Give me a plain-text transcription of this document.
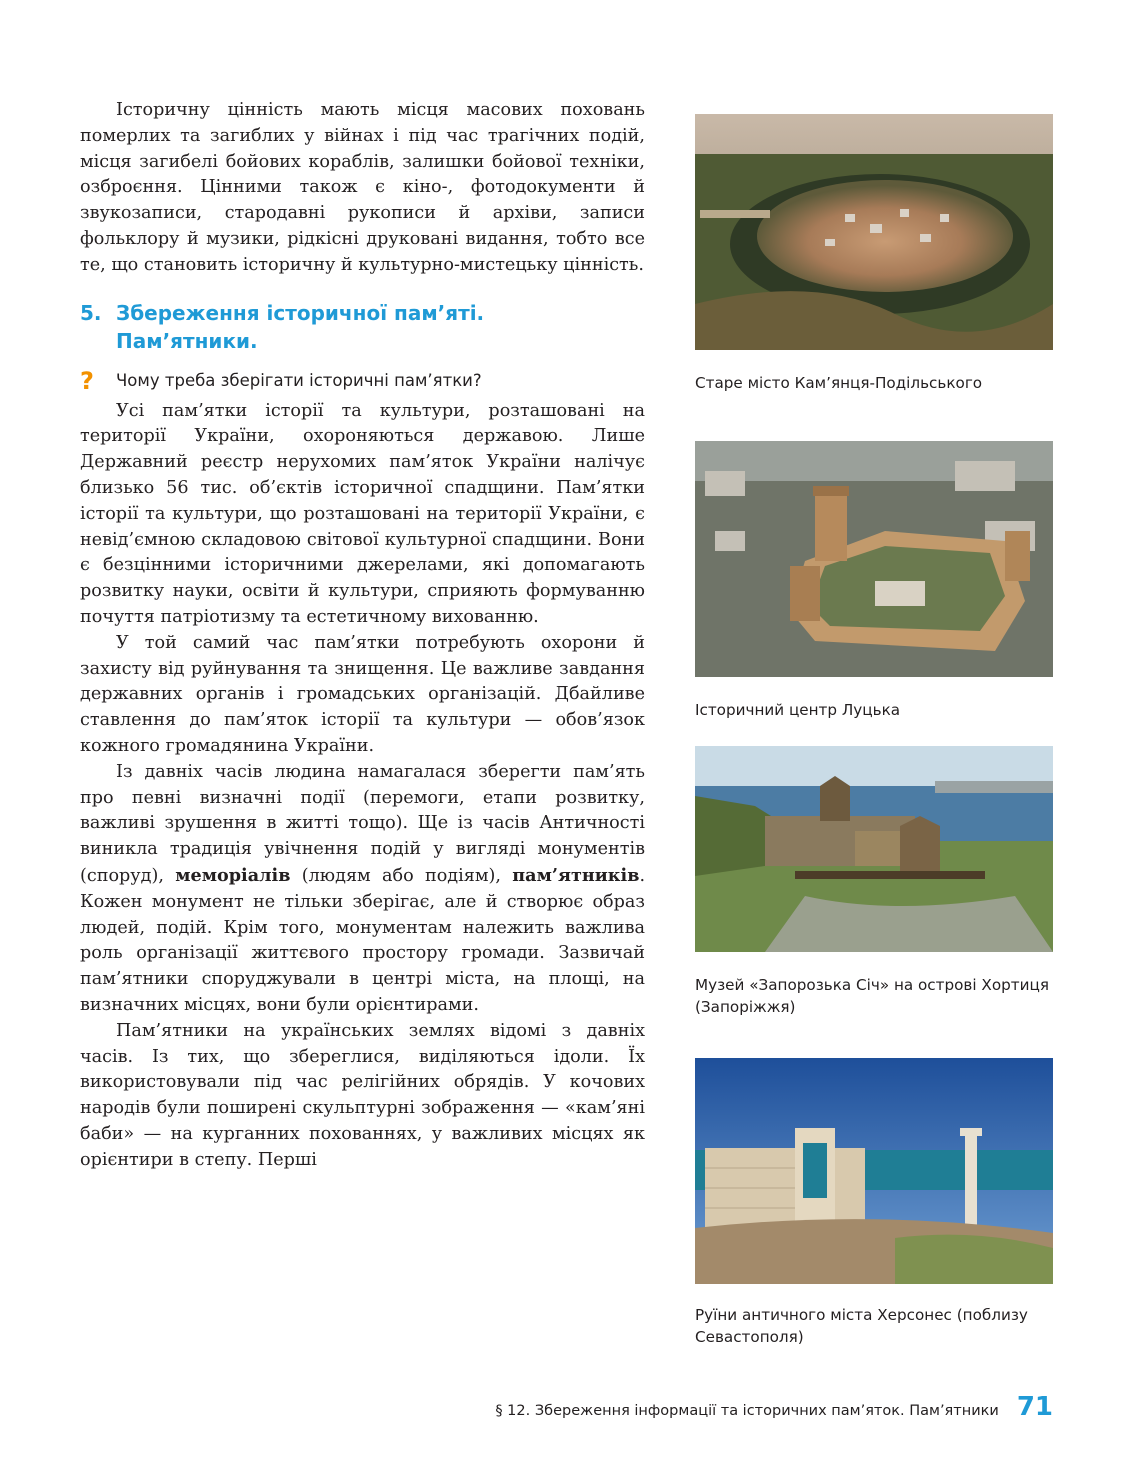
Історичну цінність мають місця масових поховань померлих та загиблих у війнах і під час трагічних подій, місця загибелі бойових кораблів, залишки бойової техніки, озброєння. Цінними також є кіно-, фотодокументи й звукозаписи, стародавні рукописи й архіви, записи фольклору й музики, рідкісні друковані видання, тобто все те, що становить історичну й культурно-мистецьку цінність.

5. Збереження історичної пам’яті.
Пам’ятники.
?	Чому треба зберігати історичні пам’ятки?

Усі пам’ятки історії та культури, розташовані на території України, охороняються державою. Лише Державний реєстр нерухомих пам’яток України налічує близько 56 тис. об’єктів історичної спадщини. Пам’ятки історії та культури, що розташовані на території України, є невід’ємною складовою світової культурної спадщини. Вони є безцінними історичними джерелами, які допомагають розвитку науки, освіти й культури, сприяють формуванню почуття патріотизму та естетичному вихованню.

У той самий час пам’ятки потребують охорони й захисту від руйнування та знищення. Це важливе завдання державних органів і громадських організацій. Дбайливе ставлення до пам’яток історії та культури — обов’язок кожного громадянина України.

Із давніх часів людина намагалася зберегти пам’ять про певні визначні події (перемоги, етапи розвитку, важливі зрушення в житті тощо). Ще із часів Античності виникла традиція увічнення подій у вигляді монументів (споруд), меморіалів (людям або подіям), пам’ятників. Кожен монумент не тільки зберігає, але й створює образ людей, подій. Крім того, монументам належить важлива роль організації життєвого простору громади. Зазвичай пам’ятники споруджували в центрі міста, на площі, на визначних місцях, вони були орієнтирами.

Пам’ятники на українських землях відомі з давніх часів. Із тих, що збереглися, виділяються ідоли. Їх використовували під час релігійних обрядів. У кочових народів були поширені скульптурні зображення — «кам’яні баби» — на курганних похованнях, у важливих місцях як орієнтири в степу. Перші

Старе місто Кам’янця-Подільського

Історичний центр Луцька

Музей «Запорозька Січ» на острові Хортиця (Запоріжжя)

Руїни античного міста Херсонес (поблизу Севастополя)

§ 12. Збереження інформації та історичних пам’яток. Пам’ятники 71
